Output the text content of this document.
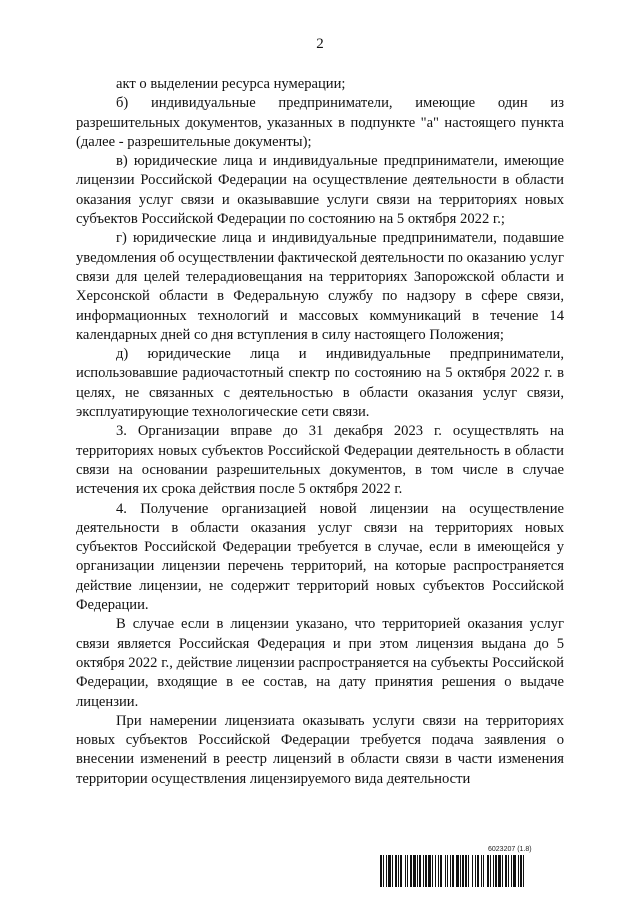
2

акт о выделении ресурса нумерации;

б) индивидуальные предприниматели, имеющие один из разрешительных документов, указанных в подпункте "а" настоящего пункта (далее - разрешительные документы);

в) юридические лица и индивидуальные предприниматели, имеющие лицензии Российской Федерации на осуществление деятельности в области оказания услуг связи и оказывавшие услуги связи на территориях новых субъектов Российской Федерации по состоянию на 5 октября 2022 г.;

г) юридические лица и индивидуальные предприниматели, подавшие уведомления об осуществлении фактической деятельности по оказанию услуг связи для целей телерадиовещания на территориях Запорожской области и Херсонской области в Федеральную службу по надзору в сфере связи, информационных технологий и массовых коммуникаций в течение 14 календарных дней со дня вступления в силу настоящего Положения;

д) юридические лица и индивидуальные предприниматели, использовавшие радиочастотный спектр по состоянию на 5 октября 2022 г. в целях, не связанных с деятельностью в области оказания услуг связи, эксплуатирующие технологические сети связи.

3. Организации вправе до 31 декабря 2023 г. осуществлять на территориях новых субъектов Российской Федерации деятельность в области связи на основании разрешительных документов, в том числе в случае истечения их срока действия после 5 октября 2022 г.

4. Получение организацией новой лицензии на осуществление деятельности в области оказания услуг связи на территориях новых субъектов Российской Федерации требуется в случае, если в имеющейся у организации лицензии перечень территорий, на которые распространяется действие лицензии, не содержит территорий новых субъектов Российской Федерации.

В случае если в лицензии указано, что территорией оказания услуг связи является Российская Федерация и при этом лицензия выдана до 5 октября 2022 г., действие лицензии распространяется на субъекты Российской Федерации, входящие в ее состав, на дату принятия решения о выдаче лицензии.

При намерении лицензиата оказывать услуги связи на территориях новых субъектов Российской Федерации требуется подача заявления о внесении изменений в реестр лицензий в области связи в части изменения территории осуществления лицензируемого вида деятельности

6023207 (1.8)
